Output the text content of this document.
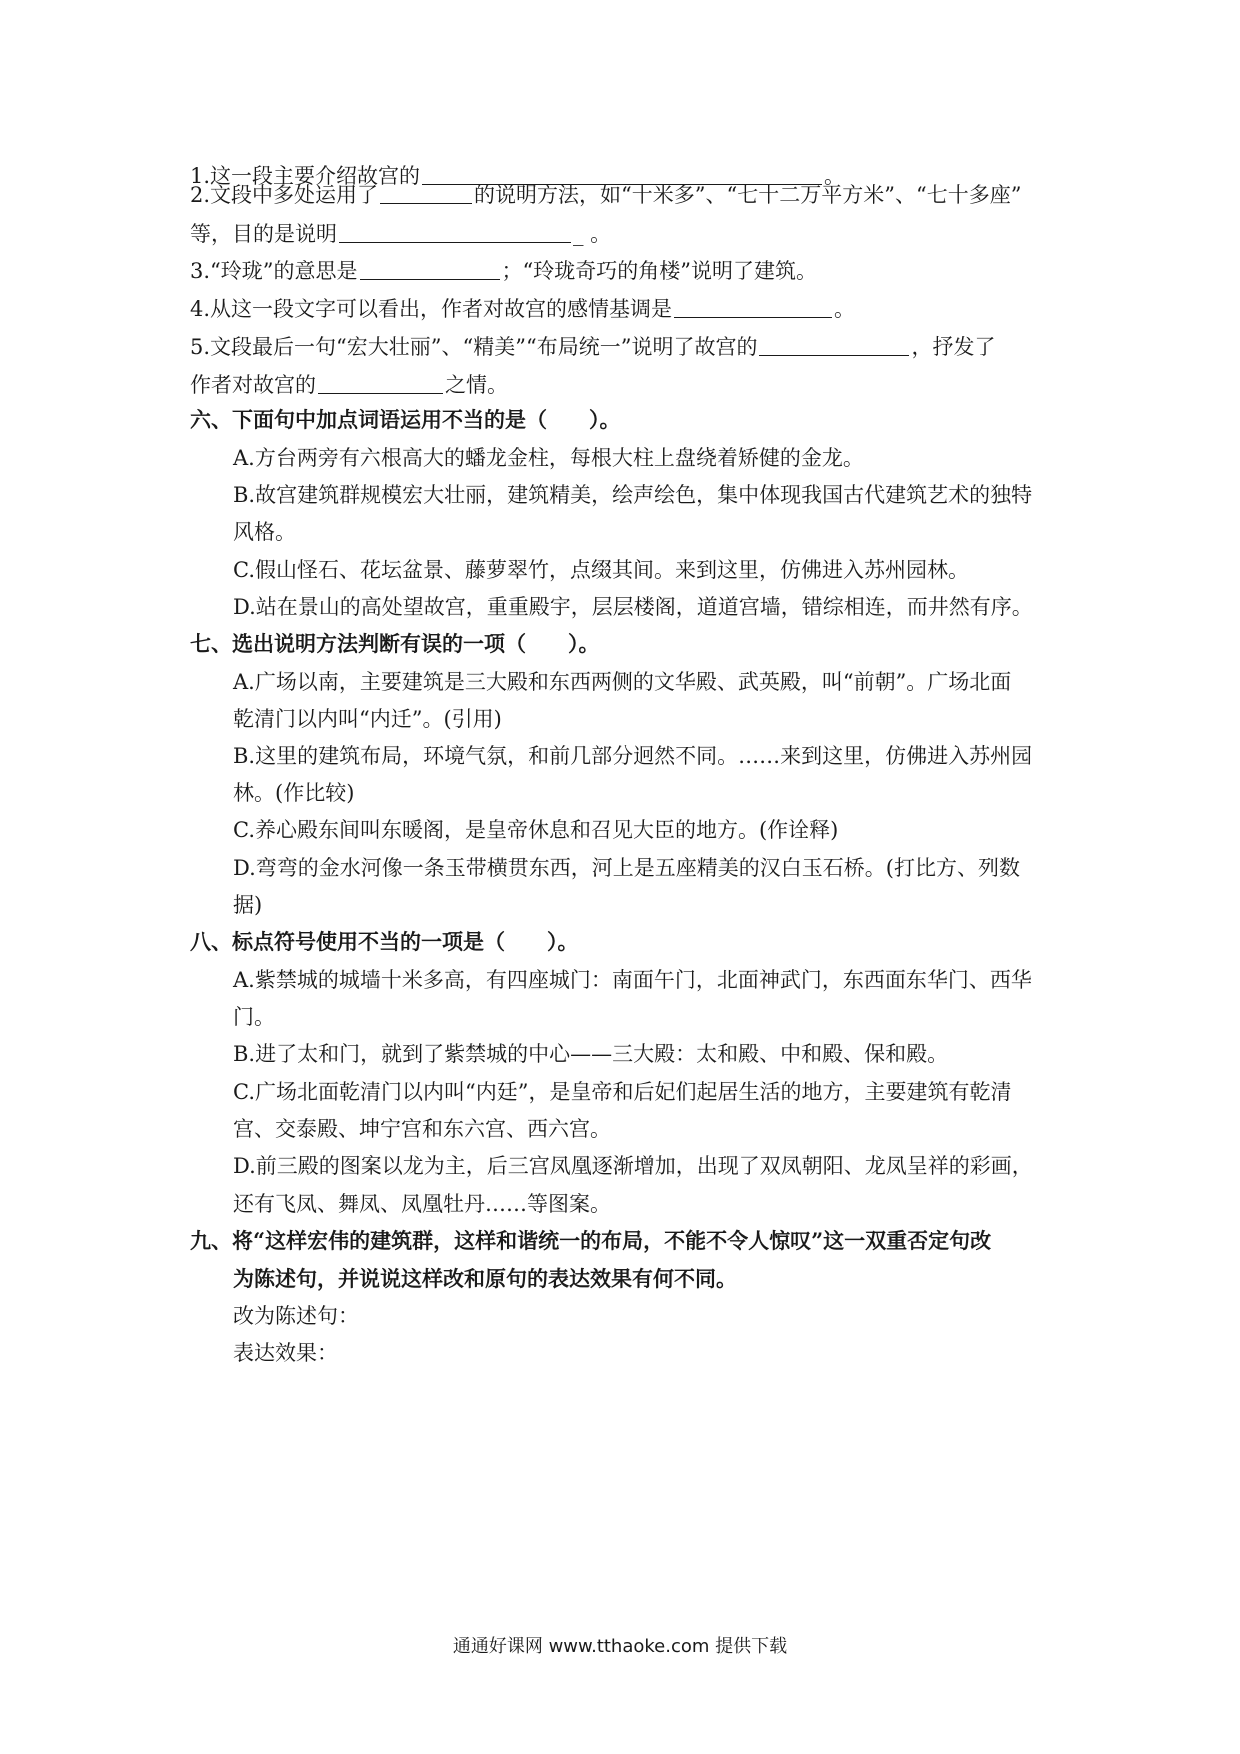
1.这一段主要介绍故宫的	。
2.文段中多处运用了	的说明方法，如“十米多”、“七十二万平方米”、“七十多座”
等，目的是说明	_ 。
3.“玲珑”的意思是	；“玲珑奇巧的角楼”说明了建筑。
4.从这一段文字可以看出，作者对故宫的感情基调是	。
5.文段最后一句“宏大壮丽”、“精美”“布局统一”说明了故宫的	，抒发了
作者对故宫的	之情。
六、下面句中加点词语运用不当的是（　　）。
A.方台两旁有六根高大的蟠龙金柱，每根大柱上盘绕着矫健的金龙。
B.故宫建筑群规模宏大壮丽，建筑精美，绘声绘色，集中体现我国古代建筑艺术的独特
风格。
C.假山怪石、花坛盆景、藤萝翠竹，点缀其间。来到这里，仿佛进入苏州园林。
D.站在景山的高处望故宫，重重殿宇，层层楼阁，道道宫墙，错综相连，而井然有序。
七、选出说明方法判断有误的一项（　　）。
A.广场以南，主要建筑是三大殿和东西两侧的文华殿、武英殿，叫“前朝”。广场北面
乾清门以内叫“内迁”。(引用)
B.这里的建筑布局，环境气氛，和前几部分迥然不同。……来到这里，仿佛进入苏州园
林。(作比较)
C.养心殿东间叫东暖阁，是皇帝休息和召见大臣的地方。(作诠释)
D.弯弯的金水河像一条玉带横贯东西，河上是五座精美的汉白玉石桥。(打比方、列数
据)
八、标点符号使用不当的一项是（　　）。
A.紫禁城的城墙十米多高，有四座城门：南面午门，北面神武门，东西面东华门、西华
门。
B.进了太和门，就到了紫禁城的中心——三大殿：太和殿、中和殿、保和殿。
C.广场北面乾清门以内叫“内廷”，是皇帝和后妃们起居生活的地方，主要建筑有乾清
宫、交泰殿、坤宁宫和东六宫、西六宫。
D.前三殿的图案以龙为主，后三宫凤凰逐渐增加，出现了双凤朝阳、龙凤呈祥的彩画，
还有飞凤、舞凤、凤凰牡丹……等图案。
九、将“这样宏伟的建筑群，这样和谐统一的布局，不能不令人惊叹”这一双重否定句改
为陈述句，并说说这样改和原句的表达效果有何不同。
改为陈述句：
表达效果：
通通好课网 www.tthaoke.com 提供下载
